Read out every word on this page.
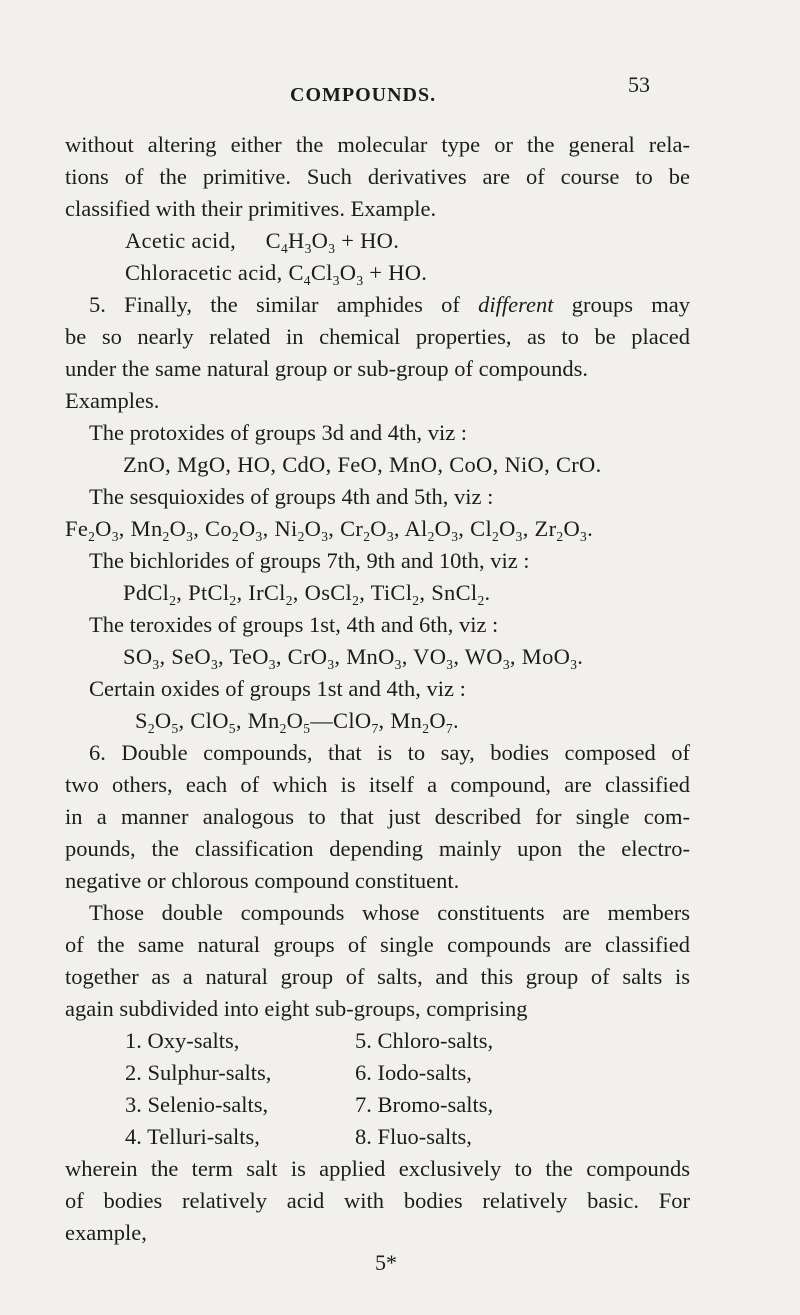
COMPOUNDS.	53
without altering either the molecular type or the general rela-
tions of the primitive. Such derivatives are of course to be
classified with their primitives. Example.
Acetic acid,     $C_4H_3O_3$ + HO.
Chloracetic acid, $C_4Cl_3O_3$ + HO.
5. Finally, the similar amphides of different groups may
be so nearly related in chemical properties, as to be placed
under the same natural group or sub-group of compounds.
Examples.
The protoxides of groups 3d and 4th, viz :
ZnO, MgO, HO, CdO, FeO, MnO, CoO, NiO, CrO.
The sesquioxides of groups 4th and 5th, viz :
$Fe_2O_3$, $Mn_2O_3$, $Co_2O_3$, $Ni_2O_3$, $Cr_2O_3$, $Al_2O_3$, $Cl_2O_3$, $Zr_2O_3$.
The bichlorides of groups 7th, 9th and 10th, viz :
PdCl$_2$, PtCl$_2$, IrCl$_2$, OsCl$_2$, TiCl$_2$, SnCl$_2$.
The teroxides of groups 1st, 4th and 6th, viz :
$SO_3$, SeO$_3$, TeO$_3$, CrO$_3$, MnO$_3$, $VO_3$, $WO_3$, MoO$_3$.
Certain oxides of groups 1st and 4th, viz :
$S_2O_5$, ClO$_5$, $Mn_2O_5—ClO_7$, $Mn_2O_7$.
6. Double compounds, that is to say, bodies composed of
two others, each of which is itself a compound, are classified
in a manner analogous to that just described for single com-
pounds, the classification depending mainly upon the electro-
negative or chlorous compound constituent.
Those double compounds whose constituents are members
of the same natural groups of single compounds are classified
together as a natural group of salts, and this group of salts is
again subdivided into eight sub-groups, comprising
1. Oxy-salts,	5. Chloro-salts,
2. Sulphur-salts,	6. Iodo-salts,
3. Selenio-salts,	7. Bromo-salts,
4. Telluri-salts,	8. Fluo-salts,
wherein the term salt is applied exclusively to the compounds
of bodies relatively acid with bodies relatively basic. For
example,
5*
